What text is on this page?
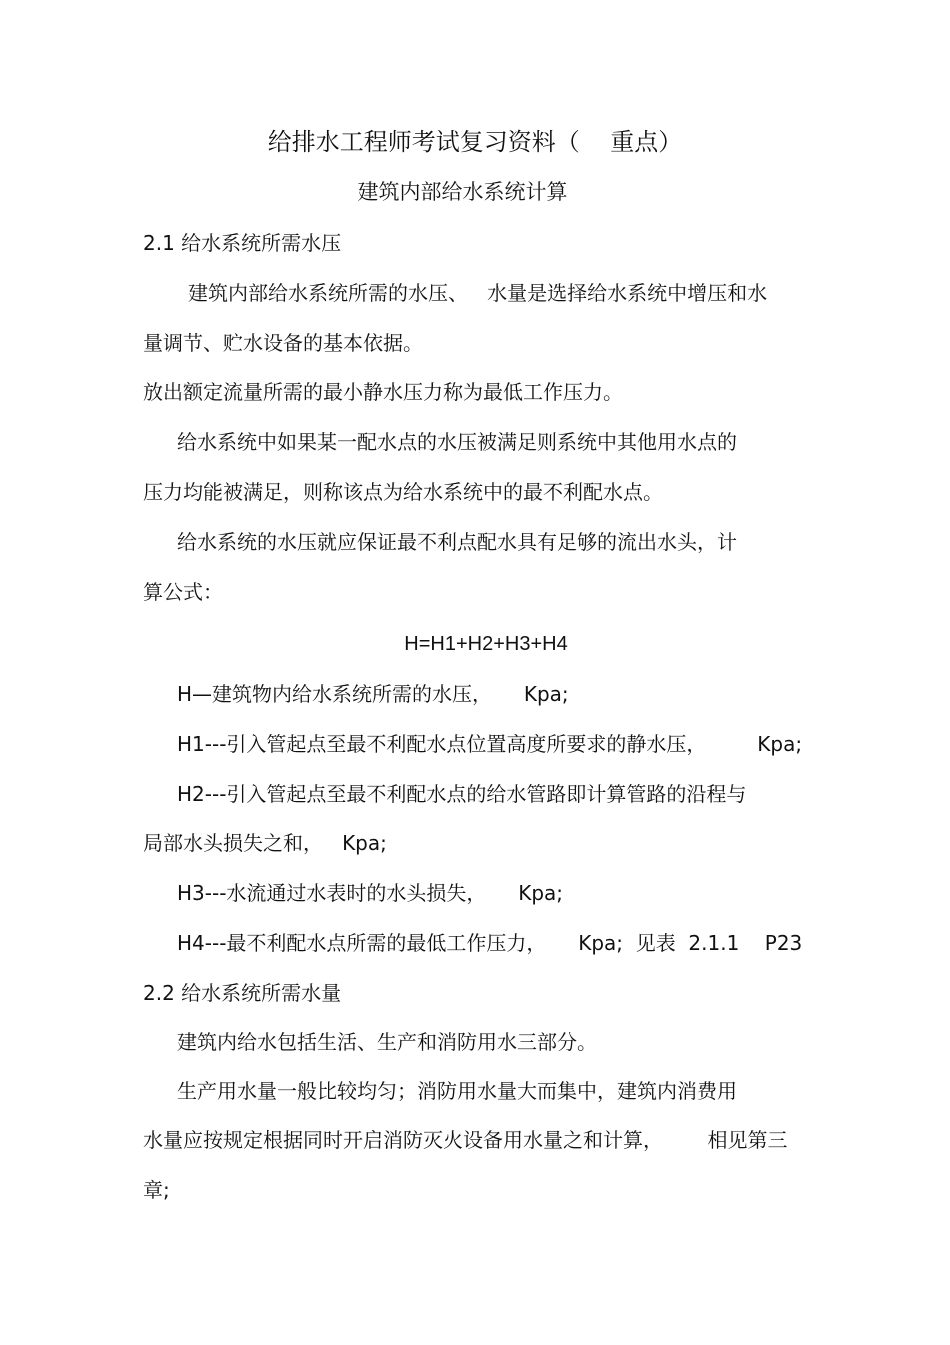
给排水工程师考试复习资料（    重点）
建筑内部给水系统计算

2.1 给水系统所需水压

建筑内部给水系统所需的水压、   水量是选择给水系统中增压和水

量调节、贮水设备的基本依据。

放出额定流量所需的最小静水压力称为最低工作压力。

给水系统中如果某一配水点的水压被满足则系统中其他用水点的

压力均能被满足，则称该点为给水系统中的最不利配水点。

给水系统的水压就应保证最不利点配水具有足够的流出水头，计

算公式：

H=H1+H2+H3+H4

H—建筑物内给水系统所需的水压，     Kpa;

H1---引入管起点至最不利配水点位置高度所要求的静水压，        Kpa;

H2---引入管起点至最不利配水点的给水管路即计算管路的沿程与

局部水头损失之和，   Kpa;

H3---水流通过水表时的水头损失，     Kpa;

H4---最不利配水点所需的最低工作压力，     Kpa;  见表  2.1.1    P23

2.2 给水系统所需水量

建筑内给水包括生活、生产和消防用水三部分。

生产用水量一般比较均匀；消防用水量大而集中，建筑内消费用

水量应按规定根据同时开启消防灭火设备用水量之和计算，       相见第三

章;
